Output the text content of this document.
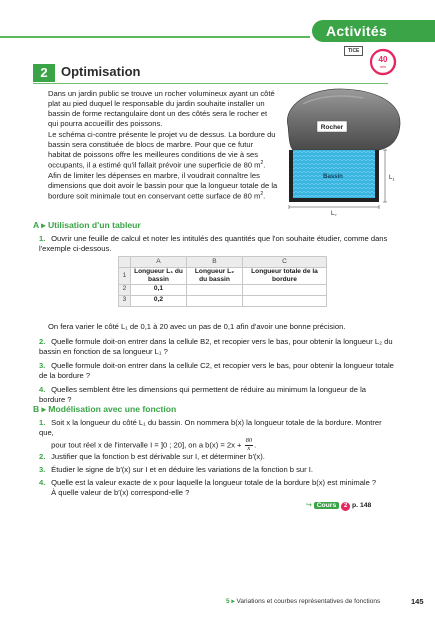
Activités
TICE
40
min
2	Optimisation
Dans un jardin public se trouve un rocher volumineux ayant un côté plat au pied duquel le responsable du jardin souhaite installer un bassin de forme rectangulaire dont un des côtés sera le rocher et qui pourra accueillir des poissons.
Le schéma ci-contre présente le projet vu de dessus. La bordure du bassin sera constituée de blocs de marbre. Pour que ce futur habitat de poissons offre les meilleures conditions de vie à ses occupants, il a estimé qu'il fallait prévoir une superficie de 80 $m^2$. Afin de limiter les dépenses en marbre, il voudrait connaître les dimensions que doit avoir le bassin pour que la longueur totale de la bordure soit minimale tout en conservant cette surface de 80 $m^2$.
Rocher
Bassin	$L_1$
$L_2$
A ▸ Utilisation d'un tableur
1. Ouvrir une feuille de calcul et noter les intitulés des quantités que l'on souhaite étudier, comme dans l'exemple ci-dessous.
	A	B	C
1	Longueur L₁ du bassin	Longueur L₂ du bassin	Longueur totale de la bordure
2	0,1		
3	0,2		
On fera varier le côté L₁ de 0,1 à 20 avec un pas de 0,1 afin d'avoir une bonne précision.
2. Quelle formule doit-on entrer dans la cellule B2, et recopier vers le bas, pour obtenir la longueur L₂ du bassin en fonction de sa longueur L₁ ?
3. Quelle formule doit-on entrer dans la cellule C2, et recopier vers le bas, pour obtenir la longueur totale de la bordure ?
4. Quelles semblent être les dimensions qui permettent de réduire au minimum la longueur de la bordure ?
B ▸ Modélisation avec une fonction
1. Soit x la longueur du côté L₁ du bassin. On nommera b(x) la longueur totale de la bordure. Montrer que,
pour tout réel x de l'intervalle I = ]0 ; 20], on a $b(x) = 2x + \frac{80}{x}$ .
2. Justifier que la fonction b est dérivable sur I, et déterminer b′(x).
3. Étudier le signe de b′(x) sur I et en déduire les variations de la fonction b sur I.
4. Quelle est la valeur exacte de x pour laquelle la longueur totale de la bordure b(x) est minimale ?
À quelle valeur de b′(x) correspond-elle ?
↪ Cours 2 p. 148
5 ▸ Variations et courbes représentatives de fonctions	145
